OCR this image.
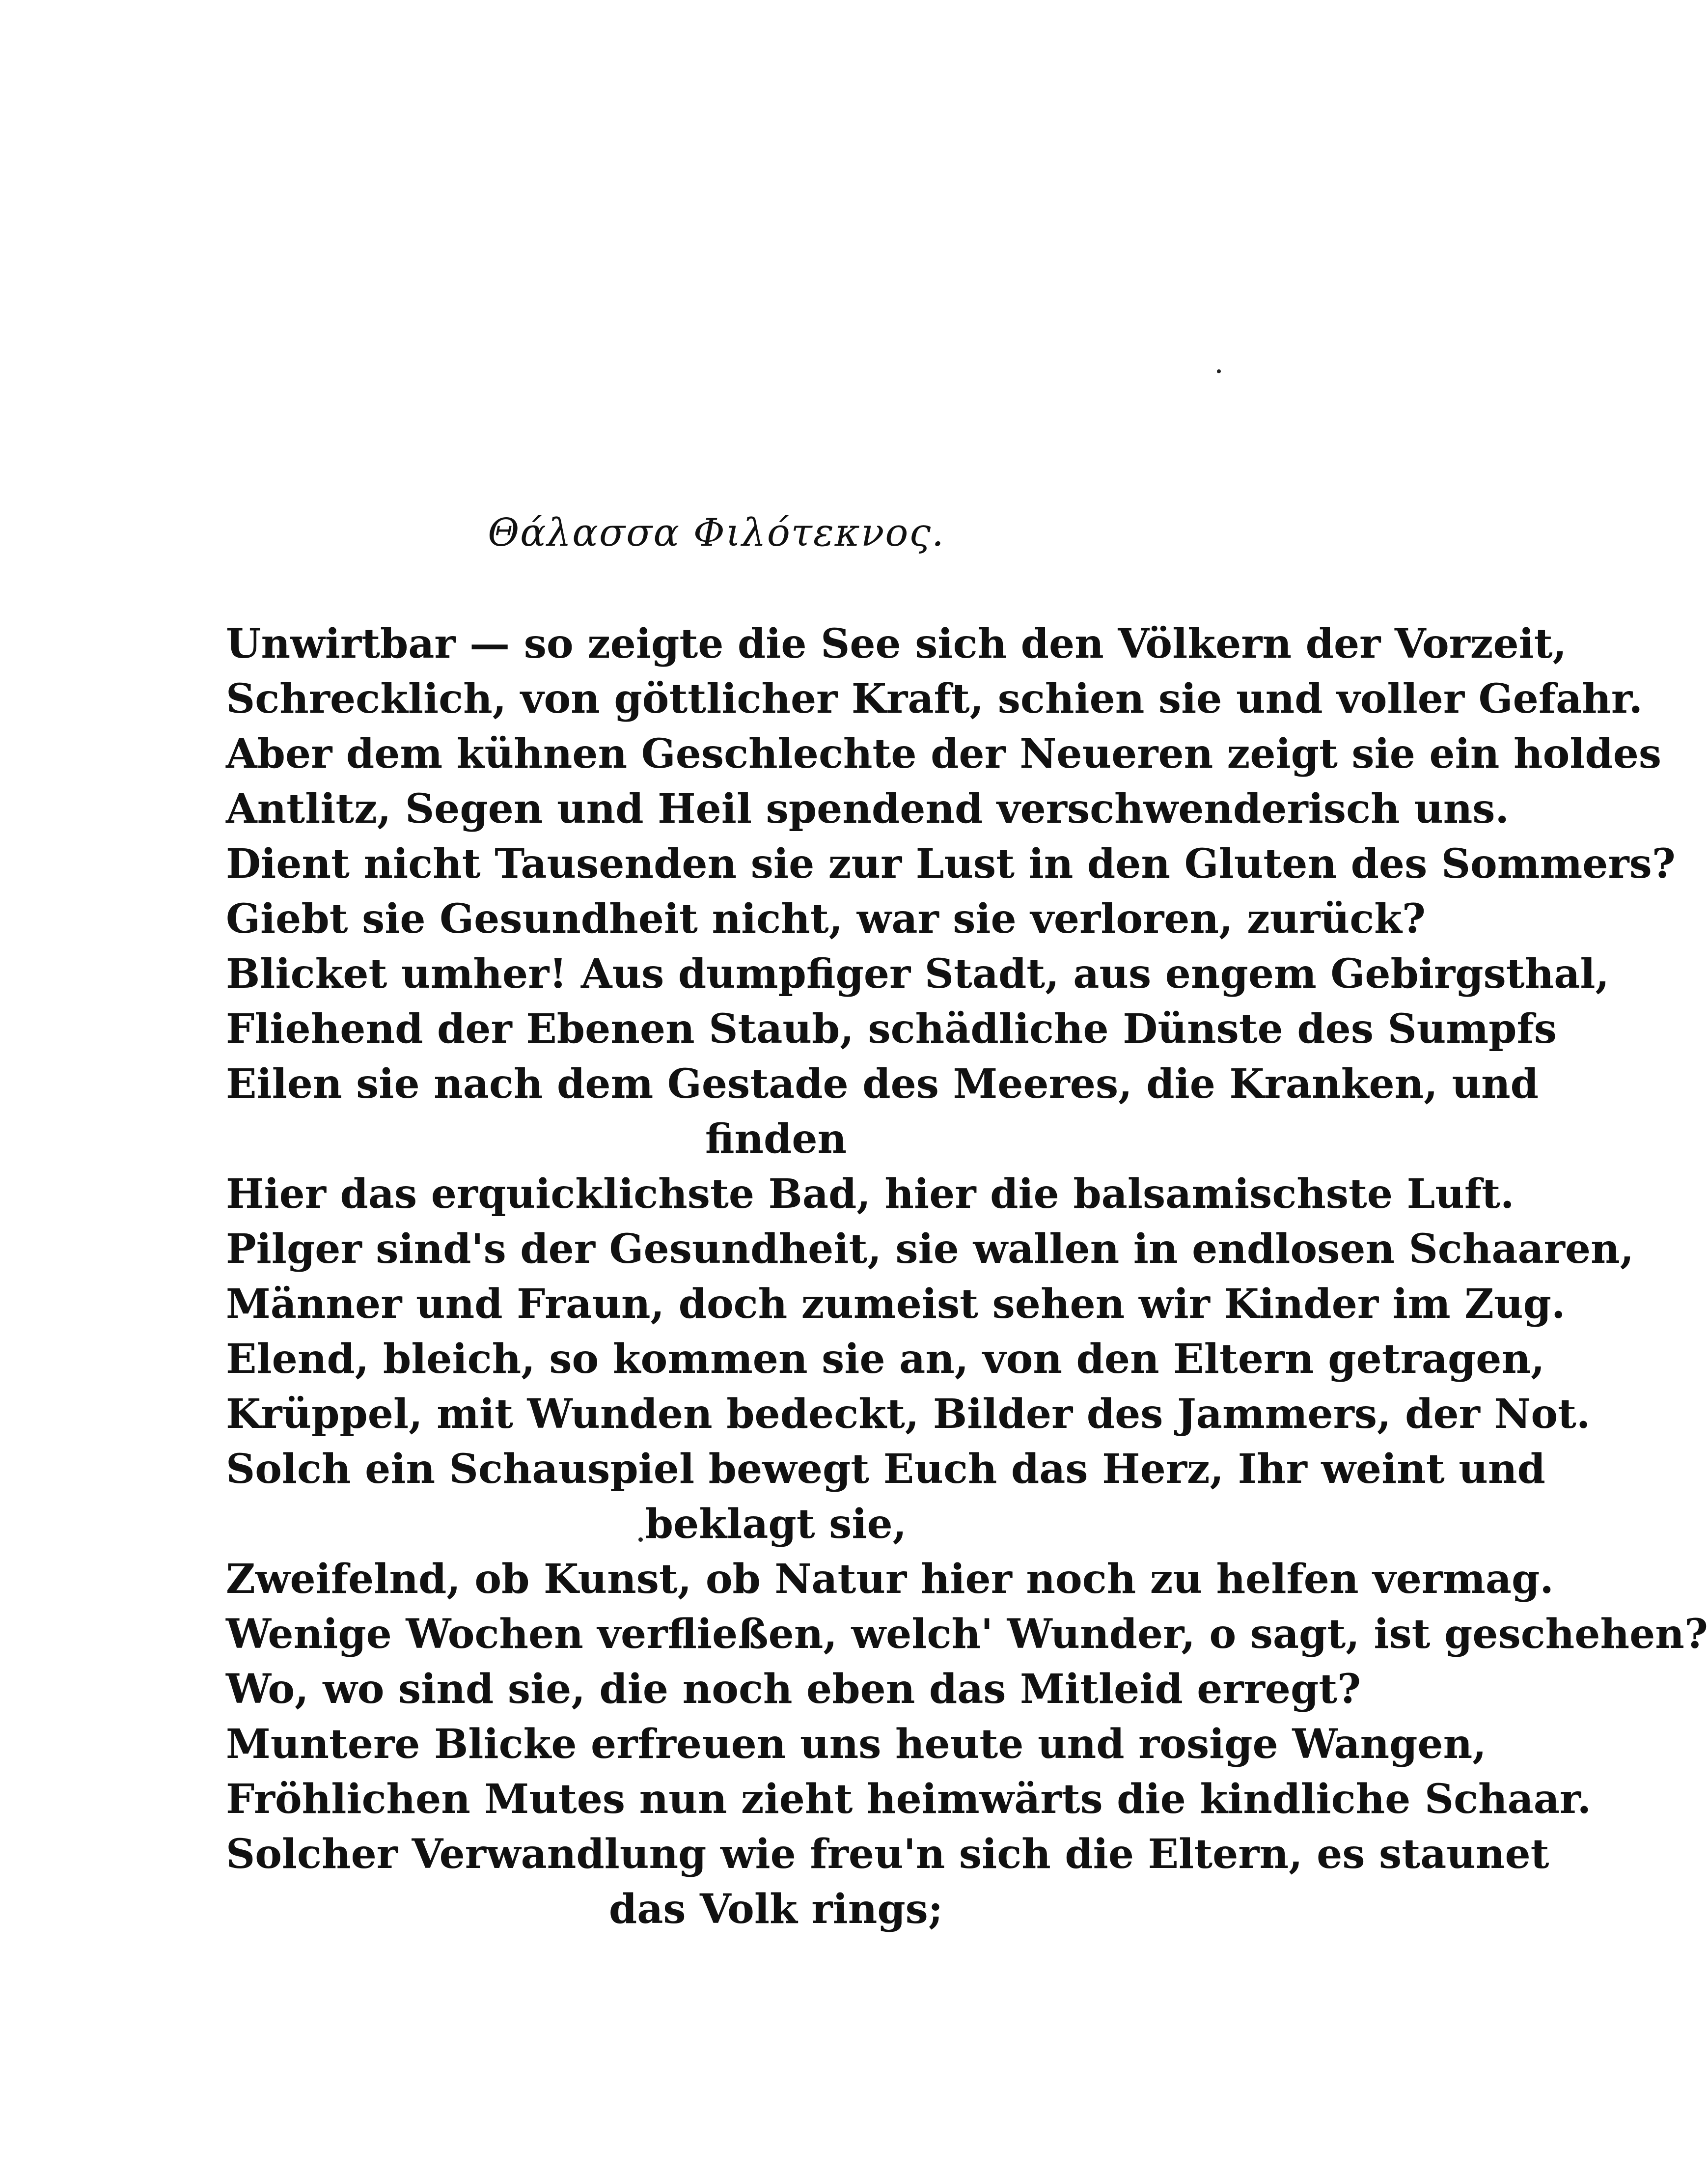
Θάλασσα Φιλότεκνος.
Unwirtbar — so zeigte die See sich den Völkern der Vorzeit,
Schrecklich, von göttlicher Kraft, schien sie und voller Gefahr.
Aber dem kühnen Geschlechte der Neueren zeigt sie ein holdes
Antlitz, Segen und Heil spendend verschwenderisch uns.
Dient nicht Tausenden sie zur Lust in den Gluten des Sommers?
Giebt sie Gesundheit nicht, war sie verloren, zurück?
Blicket umher! Aus dumpfiger Stadt, aus engem Gebirgsthal,
Fliehend der Ebenen Staub, schädliche Dünste des Sumpfs
Eilen sie nach dem Gestade des Meeres, die Kranken, und
finden
Hier das erquicklichste Bad, hier die balsamischste Luft.
Pilger sind's der Gesundheit, sie wallen in endlosen Schaaren,
Männer und Fraun, doch zumeist sehen wir Kinder im Zug.
Elend, bleich, so kommen sie an, von den Eltern getragen,
Krüppel, mit Wunden bedeckt, Bilder des Jammers, der Not.
Solch ein Schauspiel bewegt Euch das Herz, Ihr weint und
beklagt sie,
Zweifelnd, ob Kunst, ob Natur hier noch zu helfen vermag.
Wenige Wochen verfließen, welch' Wunder, o sagt, ist geschehen?
Wo, wo sind sie, die noch eben das Mitleid erregt?
Muntere Blicke erfreuen uns heute und rosige Wangen,
Fröhlichen Mutes nun zieht heimwärts die kindliche Schaar.
Solcher Verwandlung wie freu'n sich die Eltern, es staunet
das Volk rings;
